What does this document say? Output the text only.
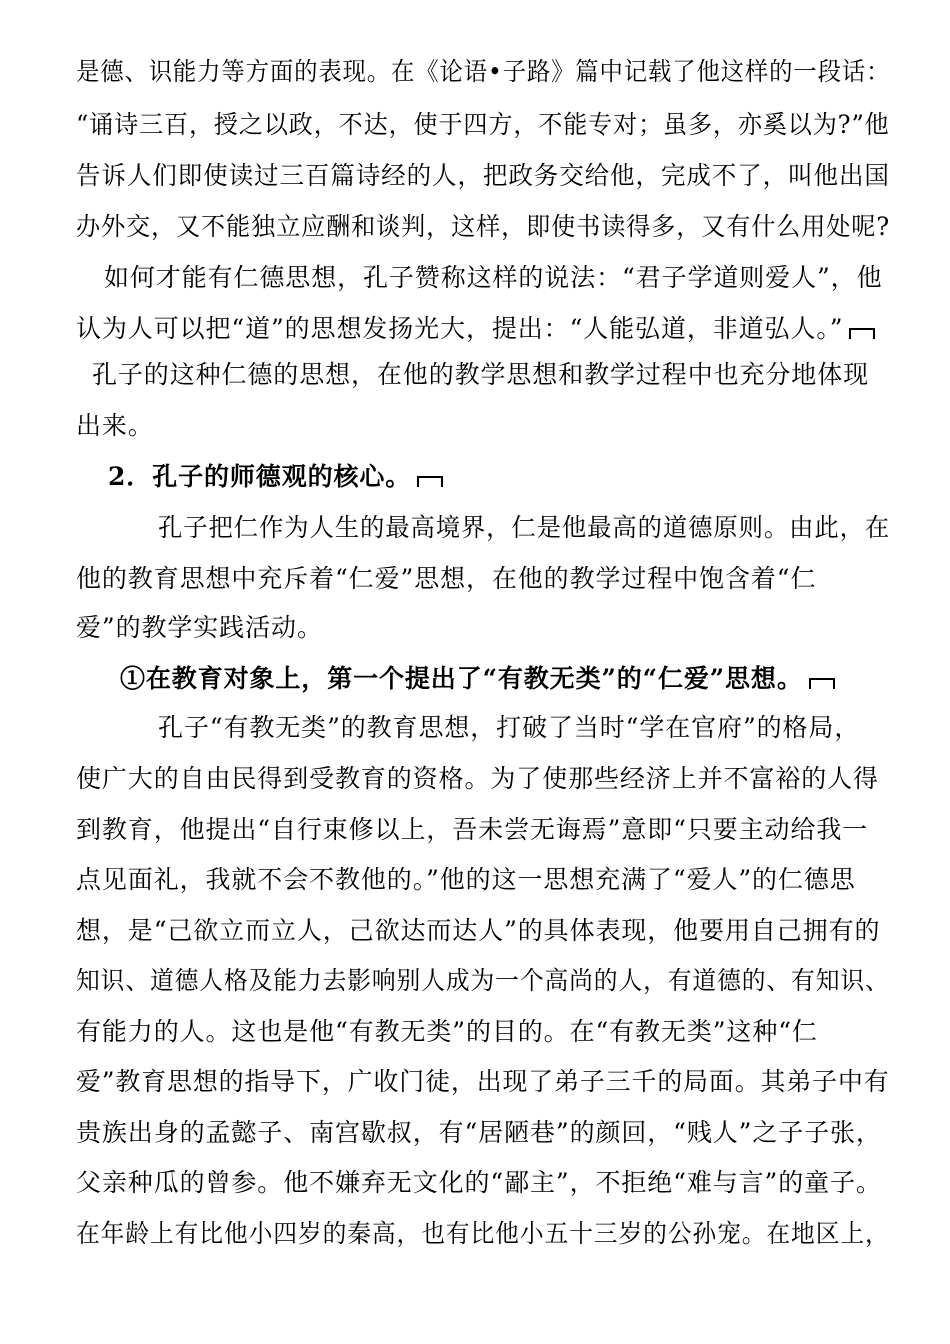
是德、识能力等方面的表现。在《论语•子路》篇中记载了他这样的一段话：
“诵诗三百，授之以政，不达，使于四方，不能专对；虽多，亦奚以为?”他
告诉人们即使读过三百篇诗经的人，把政务交给他，完成不了，叫他出国
办外交，又不能独立应酬和谈判，这样，即使书读得多，又有什么用处呢?
如何才能有仁德思想，孔子赞称这样的说法：“君子学道则爱人”，他
认为人可以把“道”的思想发扬光大，提出：“人能弘道，非道弘人。”
孔子的这种仁德的思想，在他的教学思想和教学过程中也充分地体现
出来。
2．孔子的师德观的核心。
孔子把仁作为人生的最高境界，仁是他最高的道德原则。由此，在
他的教育思想中充斥着“仁爱”思想，在他的教学过程中饱含着“仁
爱”的教学实践活动。
①在教育对象上，第一个提出了“有教无类”的“仁爱”思想。
孔子“有教无类”的教育思想，打破了当时“学在官府”的格局，
使广大的自由民得到受教育的资格。为了使那些经济上并不富裕的人得
到教育，他提出“自行束修以上，吾未尝无诲焉”意即“只要主动给我一
点见面礼，我就不会不教他的。”他的这一思想充满了“爱人”的仁德思
想，是“己欲立而立人，己欲达而达人”的具体表现，他要用自己拥有的
知识、道德人格及能力去影响别人成为一个高尚的人，有道德的、有知识、
有能力的人。这也是他“有教无类”的目的。在“有教无类”这种“仁
爱”教育思想的指导下，广收门徒，出现了弟子三千的局面。其弟子中有
贵族出身的孟懿子、南宫歇叔，有“居陋巷”的颜回，“贱人”之子子张，
父亲种瓜的曾参。他不嫌弃无文化的“鄙主”，不拒绝“难与言”的童子。
在年龄上有比他小四岁的秦高，也有比他小五十三岁的公孙宠。在地区上，
